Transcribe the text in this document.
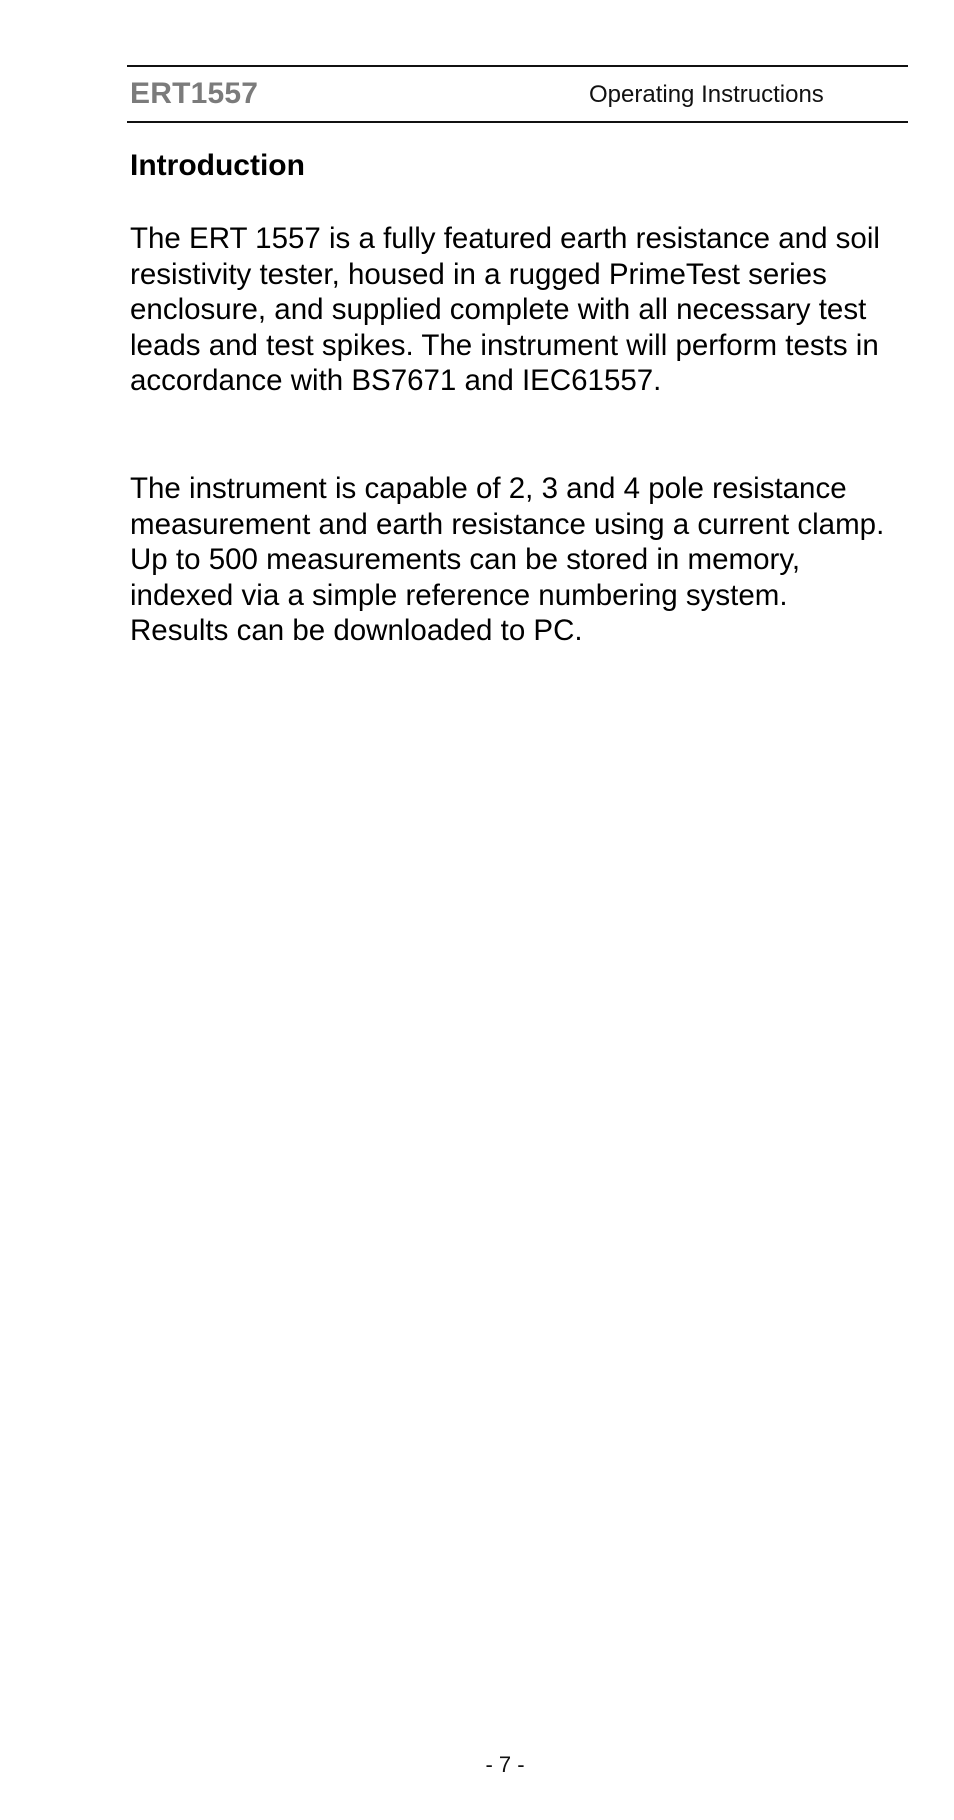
ERT1557	Operating Instructions
Introduction

The ERT 1557 is a fully featured earth resistance and soil resistivity tester, housed in a rugged PrimeTest series enclosure, and supplied complete with all necessary test leads and test spikes. The instrument will perform tests in accordance with BS7671 and IEC61557.

The instrument is capable of 2, 3 and 4 pole resistance measurement and earth resistance using a current clamp. Up to 500 measurements can be stored in memory, indexed via a simple reference numbering system. Results can be downloaded to PC.

- 7 -
